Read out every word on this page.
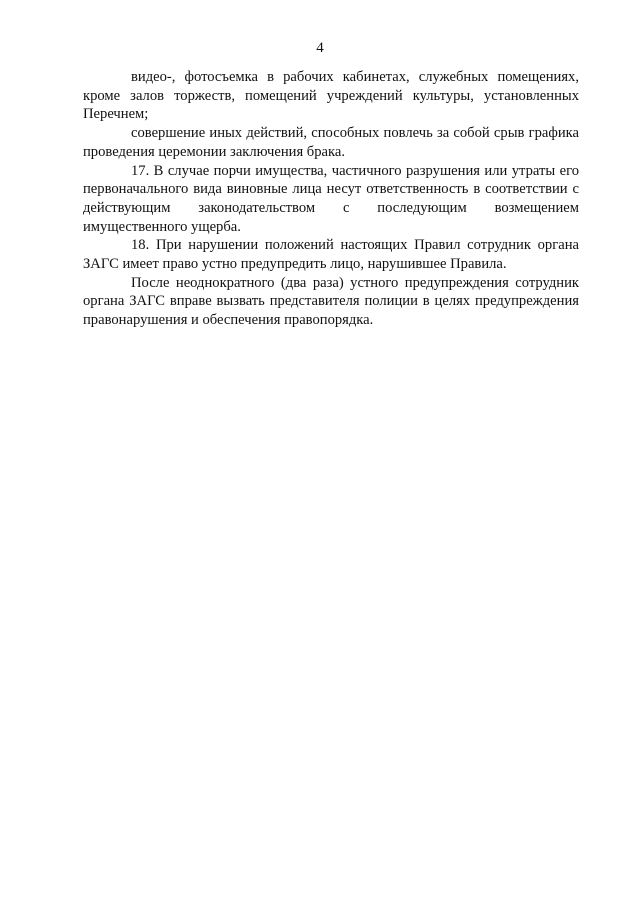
4

видео-, фотосъемка в рабочих кабинетах, служебных помещениях, кроме залов торжеств, помещений учреждений культуры, установленных Перечнем;

совершение иных действий, способных повлечь за собой срыв графика проведения церемонии заключения брака.

17. В случае порчи имущества, частичного разрушения или утраты его первоначального вида виновные лица несут ответственность в соответствии с действующим законодательством с последующим возмещением имущественного ущерба.

18. При нарушении положений настоящих Правил сотрудник органа ЗАГС имеет право устно предупредить лицо, нарушившее Правила.

После неоднократного (два раза) устного предупреждения сотрудник органа ЗАГС вправе вызвать представителя полиции в целях предупреждения правонарушения и обеспечения правопорядка.
